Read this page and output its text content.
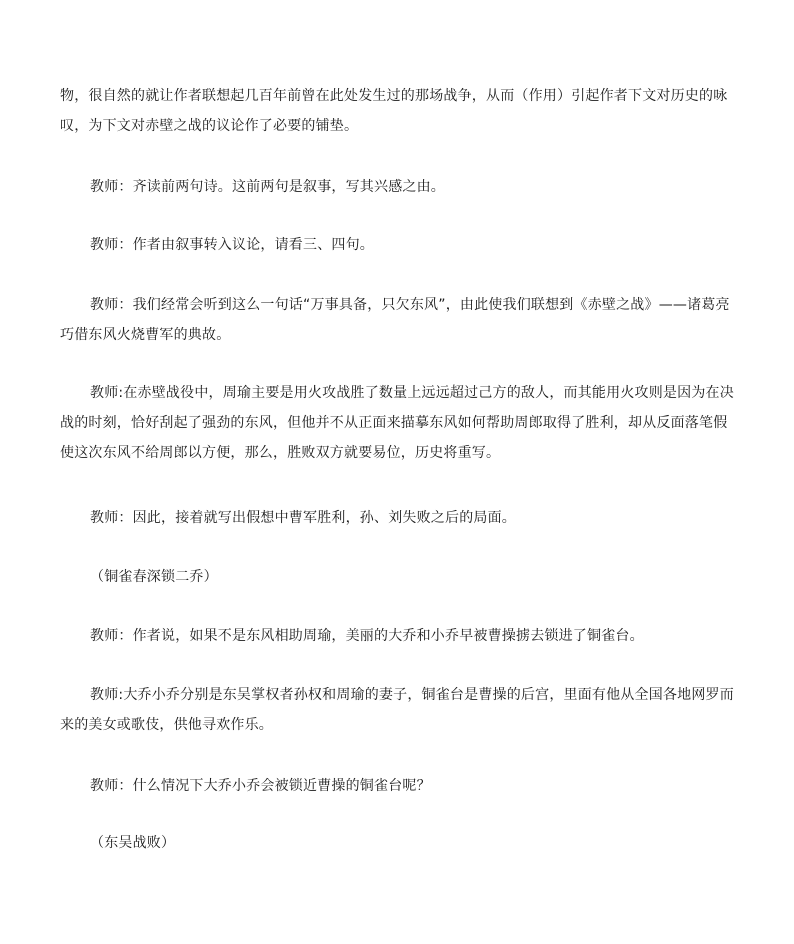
物，很自然的就让作者联想起几百年前曾在此处发生过的那场战争，从而（作用）引起作者下文对历史的咏叹，为下文对赤壁之战的议论作了必要的铺垫。

教师：齐读前两句诗。这前两句是叙事，写其兴感之由。

教师：作者由叙事转入议论，请看三、四句。

教师：我们经常会听到这么一句话“万事具备，只欠东风”，由此使我们联想到《赤壁之战》——诸葛亮巧借东风火烧曹军的典故。

教师:在赤壁战役中，周瑜主要是用火攻战胜了数量上远远超过己方的敌人，而其能用火攻则是因为在决战的时刻，恰好刮起了强劲的东风，但他并不从正面来描摹东风如何帮助周郎取得了胜利，却从反面落笔假使这次东风不给周郎以方便，那么，胜败双方就要易位，历史将重写。

教师：因此，接着就写出假想中曹军胜利，孙、刘失败之后的局面。

（铜雀春深锁二乔）

教师：作者说，如果不是东风相助周瑜，美丽的大乔和小乔早被曹操掳去锁进了铜雀台。

教师:大乔小乔分别是东吴掌权者孙权和周瑜的妻子，铜雀台是曹操的后宫，里面有他从全国各地网罗而来的美女或歌伎，供他寻欢作乐。

教师：什么情况下大乔小乔会被锁近曹操的铜雀台呢？

（东吴战败）
